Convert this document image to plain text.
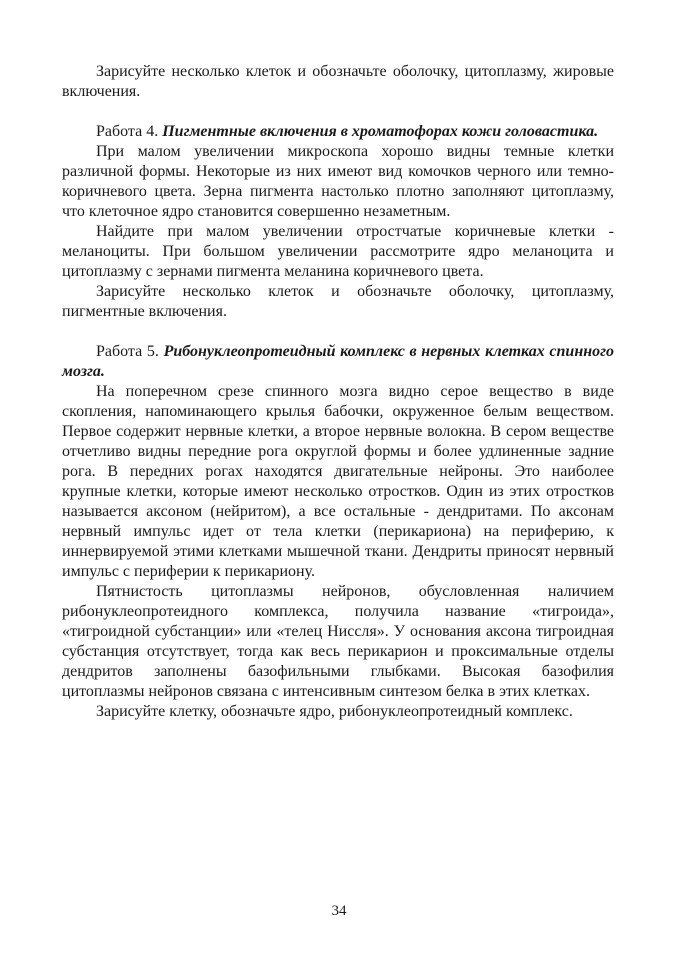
Зарисуйте несколько клеток и обозначьте оболочку, цитоплазму, жировые включения.

Работа 4. Пигментные включения в хроматофорах кожи головастика.

При малом увеличении микроскопа хорошо видны темные клетки различной формы. Некоторые из них имеют вид комочков черного или темно-коричневого цвета. Зерна пигмента настолько плотно заполняют цитоплазму, что клеточное ядро становится совершенно незаметным.

Найдите при малом увеличении отростчатые коричневые клетки - меланоциты. При большом увеличении рассмотрите ядро меланоцита и цитоплазму с зернами пигмента меланина коричневого цвета.

Зарисуйте несколько клеток и обозначьте оболочку, цитоплазму, пигментные включения.

Работа 5. Рибонуклеопротеидный комплекс в нервных клетках спинного мозга.

На поперечном срезе спинного мозга видно серое вещество в виде скопления, напоминающего крылья бабочки, окруженное белым веществом. Первое содержит нервные клетки, а второе нервные волокна. В сером веществе отчетливо видны передние рога округлой формы и более удлиненные задние рога. В передних рогах находятся двигательные нейроны. Это наиболее крупные клетки, которые имеют несколько отростков. Один из этих отростков называется аксоном (нейритом), а все остальные - дендритами. По аксонам нервный импульс идет от тела клетки (перикариона) на периферию, к иннервируемой этими клетками мышечной ткани. Дендриты приносят нервный импульс с периферии к перикариону.

Пятнистость цитоплазмы нейронов, обусловленная наличием рибонуклеопротеидного комплекса, получила название «тигроида», «тигроидной субстанции» или «телец Ниссля». У основания аксона тигроидная субстанция отсутствует, тогда как весь перикарион и проксимальные отделы дендритов заполнены базофильными глыбками. Высокая базофилия цитоплазмы нейронов связана с интенсивным синтезом белка в этих клетках.

Зарисуйте клетку, обозначьте ядро, рибонуклеопротеидный комплекс.

34
